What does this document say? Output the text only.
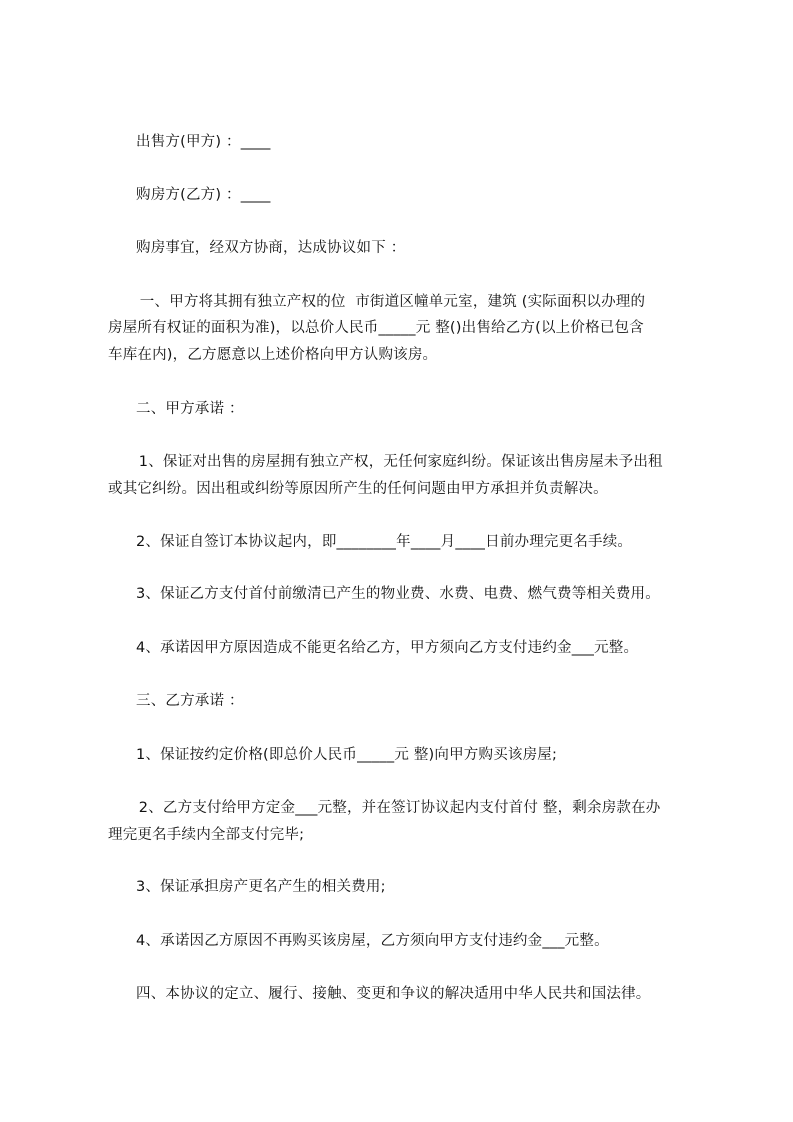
出售方(甲方) ：____
购房方(乙方) ：____
购房事宜，经双方协商，达成协议如下 ：
一、甲方将其拥有独立产权的位  市街道区幢单元室，建筑 (实际面积以办理的
房屋所有权证的面积为准)，以总价人民币_____元 整()出售给乙方(以上价格已包含
车库在内)，乙方愿意以上述价格向甲方认购该房。
二、甲方承诺 ：
1、保证对出售的房屋拥有独立产权，无任何家庭纠纷。保证该出售房屋未予出租
或其它纠纷。因出租或纠纷等原因所产生的任何问题由甲方承担并负责解决。
2、保证自签订本协议起内，即________年____月____日前办理完更名手续。
3、保证乙方支付首付前缴清已产生的物业费、水费、电费、燃气费等相关费用。
4、承诺因甲方原因造成不能更名给乙方，甲方须向乙方支付违约金___元整。
三、乙方承诺 ：
1、保证按约定价格(即总价人民币_____元 整)向甲方购买该房屋;
2、乙方支付给甲方定金___元整，并在签订协议起内支付首付 整，剩余房款在办
理完更名手续内全部支付完毕;
3、保证承担房产更名产生的相关费用;
4、承诺因乙方原因不再购买该房屋，乙方须向甲方支付违约金___元整。
四、本协议的定立、履行、接触、变更和争议的解决适用中华人民共和国法律。
